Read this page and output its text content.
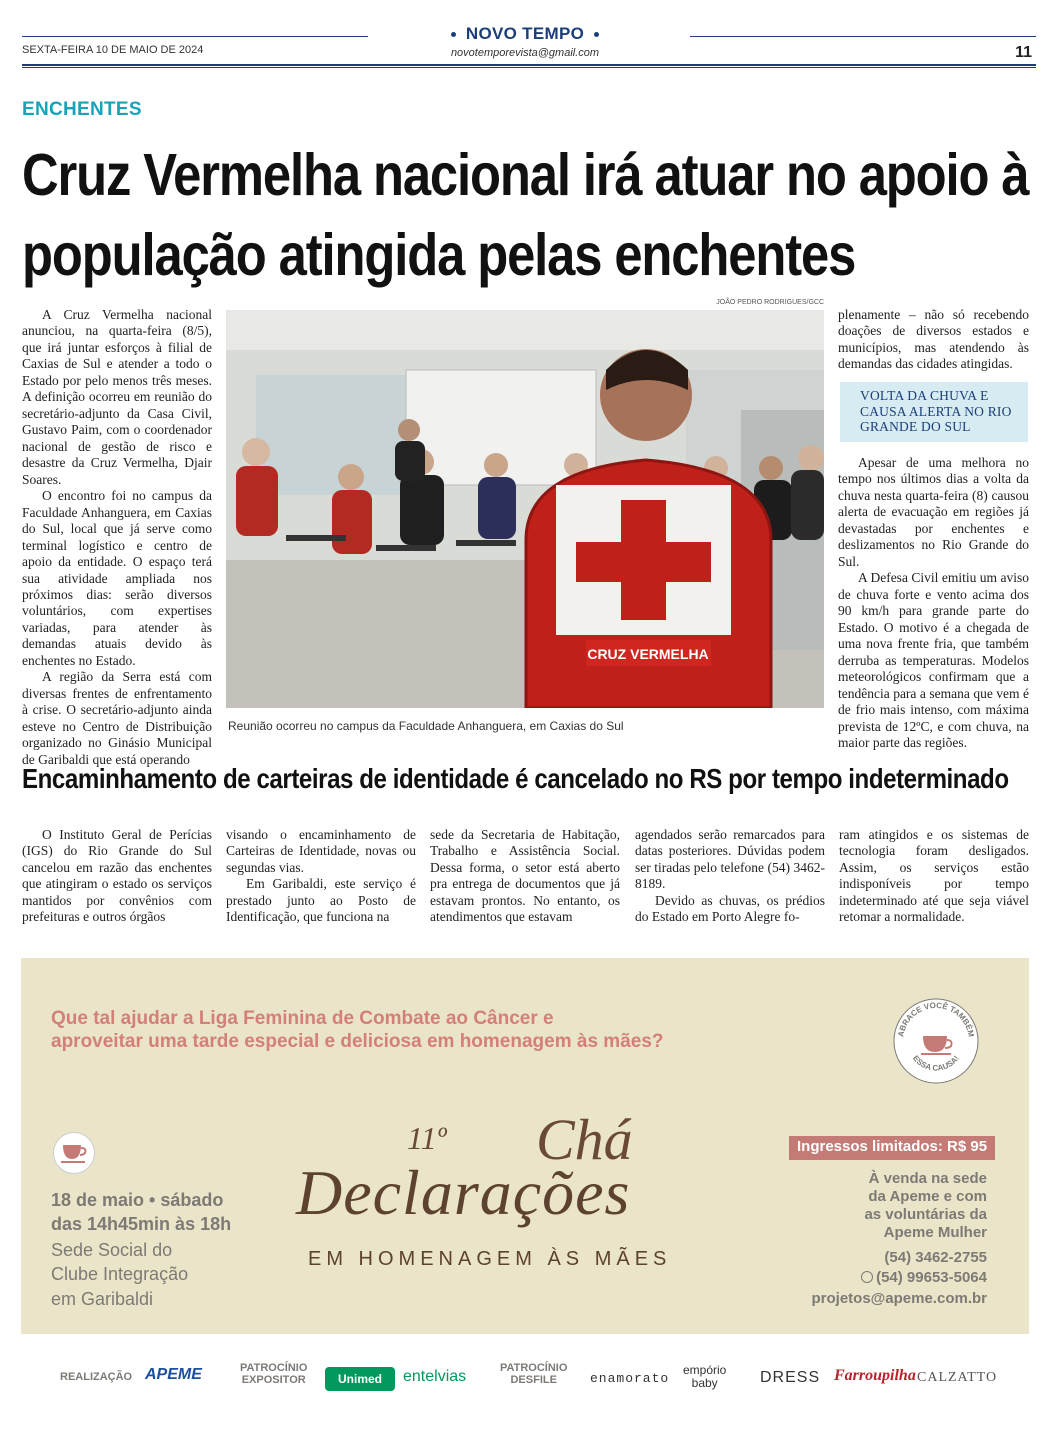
SEXTA-FEIRA 10 DE MAIO DE 2024
NOVO TEMPO
novotemporevista@gmail.com	11
ENCHENTES
Cruz Vermelha nacional irá atuar no apoio à população atingida pelas enchentes

A Cruz Vermelha nacional anunciou, na quarta-feira (8/5), que irá juntar esforços à filial de Caxias de Sul e atender a todo o Estado por pelo menos três meses. A definição ocorreu em reunião do secretário-adjunto da Casa Civil, Gustavo Paim, com o coordenador nacional de gestão de risco e desastre da Cruz Vermelha, Djair Soares.

O encontro foi no campus da Faculdade Anhanguera, em Caxias do Sul, local que já serve como terminal logístico e centro de apoio da entidade. O espaço terá sua atividade ampliada nos próximos dias: serão diversos voluntários, com expertises variadas, para atender às demandas atuais devido às enchentes no Estado.

A região da Serra está com diversas frentes de enfrentamento à crise. O secretário-adjunto ainda esteve no Centro de Distribuição organizado no Ginásio Municipal de Garibaldi que está operando

JOÃO PEDRO RODRIGUES/GCC
CRUZ VERMELHA
Reunião ocorreu no campus da Faculdade Anhanguera, em Caxias do Sul

plenamente – não só recebendo doações de diversos estados e municípios, mas atendendo às demandas das cidades atingidas.

VOLTA DA CHUVA E CAUSA ALERTA NO RIO GRANDE DO SUL

Apesar de uma melhora no tempo nos últimos dias a volta da chuva nesta quarta-feira (8) causou alerta de evacuação em regiões já devastadas por enchentes e deslizamentos no Rio Grande do Sul.

A Defesa Civil emitiu um aviso de chuva forte e vento acima dos 90 km/h para grande parte do Estado. O motivo é a chegada de uma nova frente fria, que também derruba as temperaturas. Modelos meteorológicos confirmam que a tendência para a semana que vem é de frio mais intenso, com máxima prevista de 12ºC, e com chuva, na maior parte das regiões.

Encaminhamento de carteiras de identidade é cancelado no RS por tempo indeterminado

O Instituto Geral de Perícias (IGS) do Rio Grande do Sul cancelou em razão das enchentes que atingiram o estado os serviços mantidos por convênios com prefeituras e outros órgãos

visando o encaminhamento de Carteiras de Identidade, novas ou segundas vias.

Em Garibaldi, este serviço é prestado junto ao Posto de Identificação, que funciona na

sede da Secretaria de Habitação, Trabalho e Assistência Social. Dessa forma, o setor está aberto pra entrega de documentos que já estavam prontos. No entanto, os atendimentos que estavam

agendados serão remarcados para datas posteriores. Dúvidas podem ser tiradas pelo telefone (54) 3462-8189.

Devido as chuvas, os prédios do Estado em Porto Alegre fo-

ram atingidos e os sistemas de tecnologia foram desligados. Assim, os serviços estão indisponíveis por tempo indeterminado até que seja viável retomar a normalidade.

Que tal ajudar a Liga Feminina de Combate ao Câncer e
aproveitar uma tarde especial e deliciosa em homenagem às mães?	ABRACE VOCÊ TAMBÉM
ESSA CAUSA!
18 de maio • sábado
das 14h45min às 18h
Sede Social do
Clube Integração
em Garibaldi
11º Chá
Declarações
EM HOMENAGEM ÀS MÃES
Ingressos limitados: R$ 95
À venda na sede
da Apeme e com
as voluntárias da
Apeme Mulher
(54) 3462-2755
(54) 99653-5064
projetos@apeme.com.br
REALIZAÇÃO APEME	PATROCÍNIO
EXPOSITOR	Unimed	entelvias	PATROCÍNIO
DESFILE	enamorato
empório
baby	DRESS Farroupilha CALZATTO
